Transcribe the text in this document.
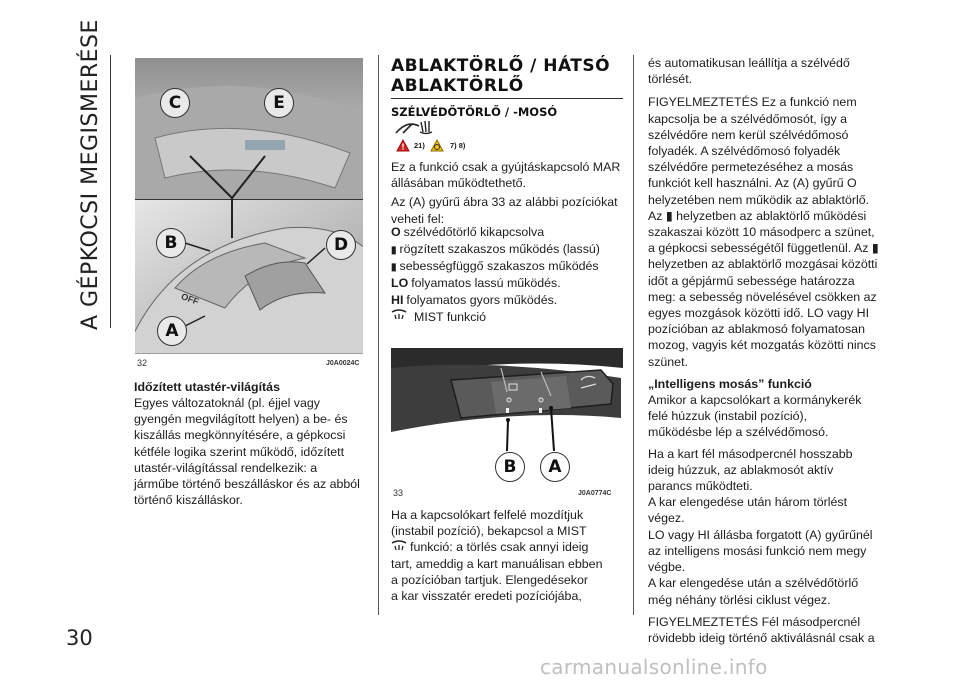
A GÉPKOCSI MEGISMERÉSE
30
OFF
C	E
B	D
A
32	J0A0024C
Időzített utastér-világítás
Egyes változatoknál (pl. éjjel vagy
gyengén megvilágított helyen) a be- és
kiszállás megkönnyítésére, a gépkocsi
kétféle logika szerint működő, időzített
utastér-világítással rendelkezik: a
járműbe történő beszálláskor és az abból
történő kiszálláskor.
ABLAKTÖRLŐ / HÁTSÓ
ABLAKTÖRLŐ
SZÉLVÉDŐTÖRLŐ / -MOSÓ
21)	7) 8)
Ez a funkció csak a gyújtáskapcsoló MAR
állásában működtethető.
Az (A) gyűrű ábra 33 az alábbi pozíciókat
veheti fel:
O szélvédőtörlő kikapcsolva
▮ rögzített szakaszos működés (lassú)
▮ sebességfüggő szakaszos működés
LO folyamatos lassú működés.
HI folyamatos gyors működés.
MIST funkció
B	A
33	J0A0774C
Ha a kapcsolókart felfelé mozdítjuk
(instabil pozíció), bekapcsol a MIST
funkció: a törlés csak annyi ideig
tart, ameddig a kart manuálisan ebben
a pozícióban tartjuk. Elengedésekor
a kar visszatér eredeti pozíciójába,
és automatikusan leállítja a szélvédő
törlését.
FIGYELMEZTETÉS Ez a funkció nem
kapcsolja be a szélvédőmosót, így a
szélvédőre nem kerül szélvédőmosó
folyadék. A szélvédőmosó folyadék
szélvédőre permetezéséhez a mosás
funkciót kell használni. Az (A) gyűrű O
helyzetében nem működik az ablaktörlő.
Az ▮ helyzetben az ablaktörlő működési
szakaszai között 10 másodperc a szünet,
a gépkocsi sebességétől függetlenül. Az ▮
helyzetben az ablaktörlő mozgásai közötti
időt a gépjármű sebessége határozza
meg: a sebesség növelésével csökken az
egyes mozgások közötti idő. LO vagy HI
pozícióban az ablakmosó folyamatosan
mozog, vagyis két mozgatás közötti nincs
szünet.
„Intelligens mosás” funkció
Amikor a kapcsolókart a kormánykerék
felé húzzuk (instabil pozíció),
működésbe lép a szélvédőmosó.
Ha a kart fél másodpercnél hosszabb
ideig húzzuk, az ablakmosót aktív
parancs működteti.
A kar elengedése után három törlést
végez.
LO vagy HI állásba forgatott (A) gyűrűnél
az intelligens mosási funkció nem megy
végbe.
A kar elengedése után a szélvédőtörlő
még néhány törlési ciklust végez.
FIGYELMEZTETÉS Fél másodpercnél
rövidebb ideig történő aktiválásnál csak a
carmanualsonline.info
